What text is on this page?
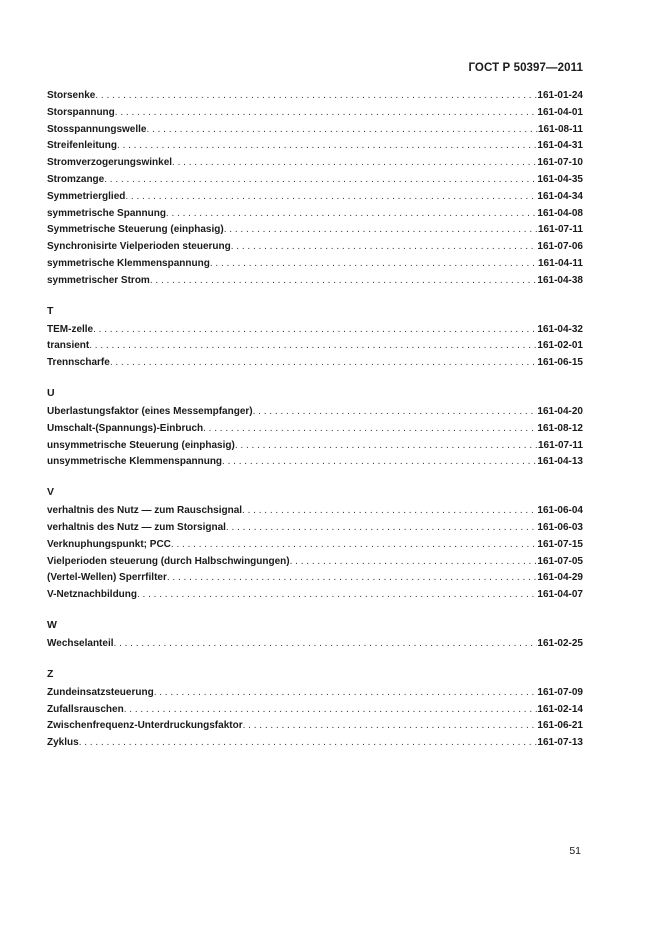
ГОСТ Р 50397—2011
Storsenke . . .	161-01-24
Storspannung . . .	161-04-01
Stosspannungswelle . . .	161-08-11
Streifenleitung . . .	161-04-31
Stromverzogerungswinkel . . .	161-07-10
Stromzange . . .	161-04-35
Symmetrierglied . . .	161-04-34
symmetrische Spannung . . .	161-04-08
Symmetrische Steuerung (einphasig) . . .	161-07-11
Synchronisirte Vielperioden steuerung . . .	161-07-06
symmetrische Klemmenspannung . . .	161-04-11
symmetrischer Strom . . .	161-04-38
T
TEM-zelle . . .	161-04-32
transient . . .	161-02-01
Trennscharfe . . .	161-06-15
U
Uberlastungsfaktor (eines Messempfanger) . . .	161-04-20
Umschalt-(Spannungs)-Einbruch . . .	161-08-12
unsymmetrische Steuerung (einphasig) . . .	161-07-11
unsymmetrische Klemmenspannung . . .	161-04-13
V
verhaltnis des Nutz — zum Rauschsignal . . .	161-06-04
verhaltnis des Nutz — zum Storsignal . . .	161-06-03
Verknuphungspunkt; PCC . . .	161-07-15
Vielperioden steuerung (durch Halbschwingungen) . . .	161-07-05
(Vertel-Wellen) Sperrfilter . . .	161-04-29
V-Netznachbildung . . .	161-04-07
W
Wechselanteil . . .	161-02-25
Z
Zundeinsatzsteuerung . . .	161-07-09
Zufallsrauschen . . .	161-02-14
Zwischenfrequenz-Unterdruckungsfaktor . . .	161-06-21
Zyklus . . .	161-07-13
51
